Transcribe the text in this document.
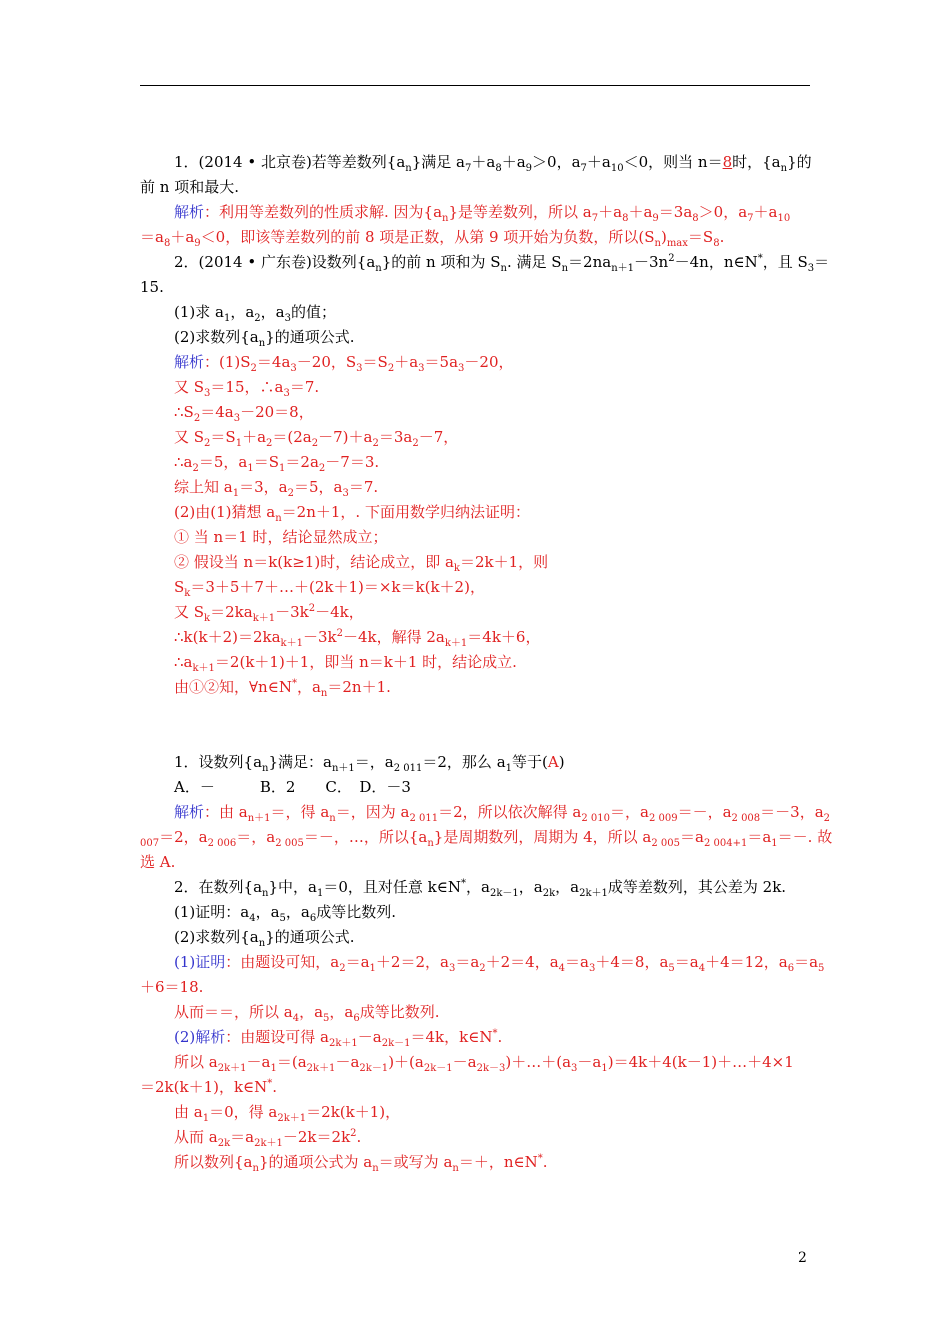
1．(2014 • 北京卷)若等差数列$\{a_n\}$满足 $a_7+a_8+a_9>0$，$a_7+a_{10}<0$，则当 n＝8时，$\{a_n\}$的
前 n 项和最大.
解析：利用等差数列的性质求解. 因为$\{a_n\}$是等差数列，所以 $a_7+a_8+a_9=3a_8>0$，$a_7+a_{10}$
$=a_8+a_9<0$，即该等差数列的前 8 项是正数，从第 9 项开始为负数，所以$(S_n)_{max}=S_8$.
2．(2014 • 广东卷)设数列$\{a_n\}$的前 n 项和为 $S_n$. 满足 $S_n=2na_{n+1}-3n^2-4n$，n∈N*，且 $S_3=$
15.
(1)求 $a_1$，$a_2$，$a_3$的值；
(2)求数列$\{a_n\}$的通项公式.
解析：$(1)S_2=4a_3-20$，$S_3=S_2+a_3=5a_3-20$，
又 $S_3=15$，$\therefore a_3=7$.
$\therefore S_2=4a_3-20=8$，
又 $S_2=S_1+a_2=(2a_2-7)+a_2=3a_2-7$，
$\therefore a_2=5$，$a_1=S_1=2a_2-7=3$.
综上知 $a_1=3$，$a_2=5$，$a_3=7$.
(2)由(1)猜想 $a_n=2n+1$，. 下面用数学归纳法证明：
① 当 n＝1 时，结论显然成立；
② 假设当 n＝k(k≥1)时，结论成立，即 $a_k=2k+1$，则
$S_k=3+5+7+\dots+(2k+1)=\times k=k(k+2)$，
又 $S_k=2ka_{k+1}-3k^2-4k$，
$\therefore k(k+2)=2ka_{k+1}-3k^2-4k$，解得 $2a_{k+1}=4k+6$，
$\therefore a_{k+1}=2(k+1)+1$，即当 n＝k＋1 时，结论成立.
由①②知，∀n∈N*，$a_n=2n+1$.
1．设数列$\{a_n\}$满足：$a_{n+1}=$，$a_{2 011}=2$，那么 $a_1$等于(A)
A．－　　　B．2　　C．　D．－3
解析：由 $a_{n+1}=$，得 $a_n=$，因为 $a_{2 011}=2$，所以依次解得 $a_{2 010}=$，$a_{2 009}=-$，$a_{2 008}=-3$，$a_2$
$_{007}$＝2，$a_{2 006}=$，$a_{2 005}=-$，…，所以$\{a_n\}$是周期数列，周期为 4，所以 $a_{2 005}=a_{2 004+1}=a_1=-$. 故
选 A.
2．在数列$\{a_n\}$中，$a_1=0$，且对任意 k∈N*，$a_{2k-1}$，$a_{2k}$，$a_{2k+1}$成等差数列，其公差为 2k.
(1)证明：$a_4$，$a_5$，$a_6$成等比数列.
(2)求数列$\{a_n\}$的通项公式.
(1)证明：由题设可知，$a_2=a_1+2=2$，$a_3=a_2+2=4$，$a_4=a_3+4=8$，$a_5=a_4+4=12$，$a_6=a_5$
＋6＝18.
从而＝＝，所以 $a_4$，$a_5$，$a_6$成等比数列.
(2)解析：由题设可得 $a_{2k+1}-a_{2k-1}=4k$，k∈N*.
所以 $a_{2k+1}-a_1=(a_{2k+1}-a_{2k-1})+(a_{2k-1}-a_{2k-3})+\dots+(a_3-a_1)=4k+4(k-1)+\dots+4\times 1$
＝2k(k＋1)，k∈N*.
由 $a_1=0$，得 $a_{2k+1}=2k(k+1)$，
从而 $a_{2k}=a_{2k+1}-2k=2k^2$.
所以数列$\{a_n\}$的通项公式为 $a_n=$或写为 $a_n=+$，n∈N*.
2
